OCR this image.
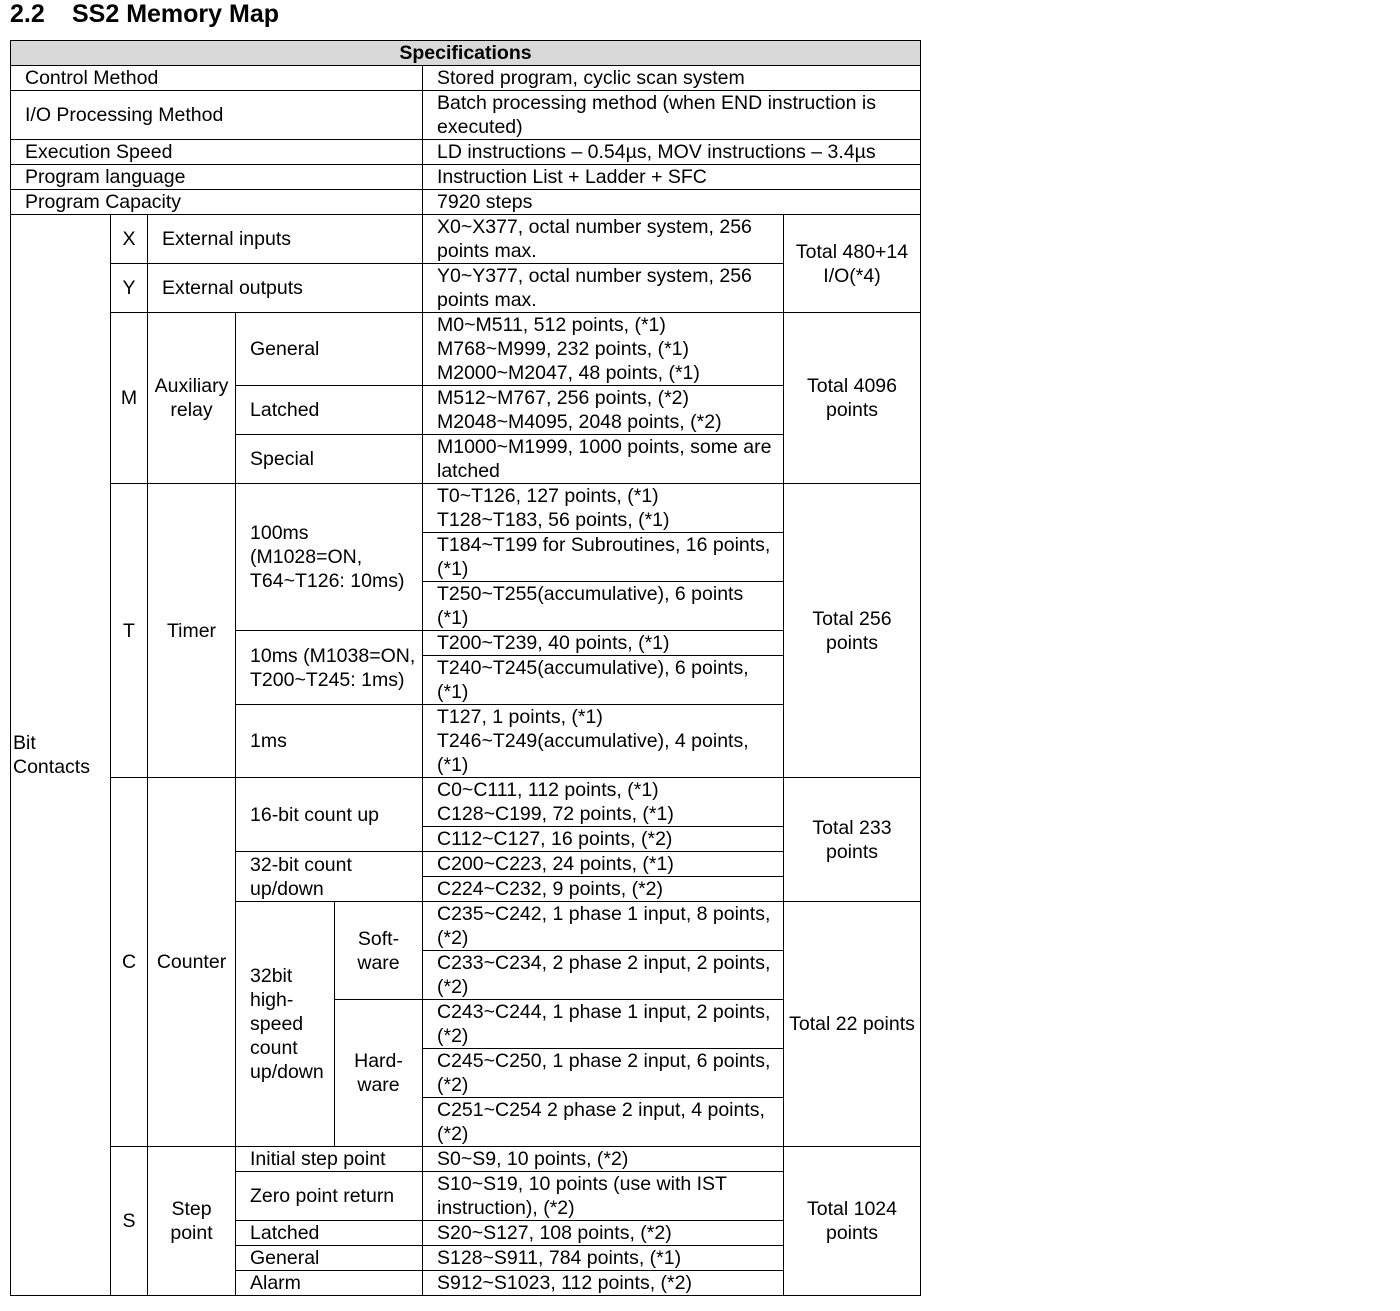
2.2 SS2 Memory Map
Specifications						
Control Method					Stored program, cyclic scan system	
I/O Processing Method					Batch processing method (when END instruction is executed)	
Execution Speed					LD instructions – 0.54µs, MOV instructions – 3.4µs	
Program language					Instruction List + Ladder + SFC	
Program Capacity					7920 steps	
Bit Contacts	X	External inputs			X0~X377, octal number system, 256 points max.	Total 480+14 I/O(*4)
	Y	External outputs			Y0~Y377, octal number system, 256 points max.	
	M	Auxiliary relay	General		M0~M511, 512 points, (*1)
M768~M999, 232 points, (*1)
M2000~M2047, 48 points, (*1)	Total 4096 points
			Latched		M512~M767, 256 points, (*2)
M2048~M4095, 2048 points, (*2)	

			Special		M1000~M1999, 1000 points, some are latched	
	T	Timer	100ms (M1028=ON, T64~T126: 10ms)		T0~T126, 127 points, (*1)
T128~T183, 56 points, (*1)	Total 256 points
					T184~T199 for Subroutines, 16 points, (*1)	
					T250~T255(accumulative), 6 points (*1)	
			10ms (M1038=ON, T200~T245: 1ms)		T200~T239, 40 points, (*1)	
					T240~T245(accumulative), 6 points, (*1)	
			1ms		T127, 1 points, (*1)
T246~T249(accumulative), 4 points, (*1)	

	C	Counter	16-bit count up		C0~C111, 112 points, (*1)
C128~C199, 72 points, (*1)	Total 233 points
					C112~C127, 16 points, (*2)	
			32-bit count up/down		C200~C223, 24 points, (*1)	
					C224~C232, 9 points, (*2)	
			32bit high-speed count up/down	Soft-ware	C235~C242, 1 phase 1 input, 8 points, (*2)	Total 22 points
					C233~C234, 2 phase 2 input, 2 points, (*2)	
				Hard-ware	C243~C244, 1 phase 1 input, 2 points, (*2)	
					C245~C250, 1 phase 2 input, 6 points, (*2)	
					C251~C254 2 phase 2 input, 4 points, (*2)	
	S	Step point	Initial step point		S0~S9, 10 points, (*2)	Total 1024 points
			Zero point return		S10~S19, 10 points (use with IST instruction), (*2)	
			Latched		S20~S127, 108 points, (*2)	
			General		S128~S911, 784 points, (*1)	
			Alarm		S912~S1023, 112 points, (*2)	
